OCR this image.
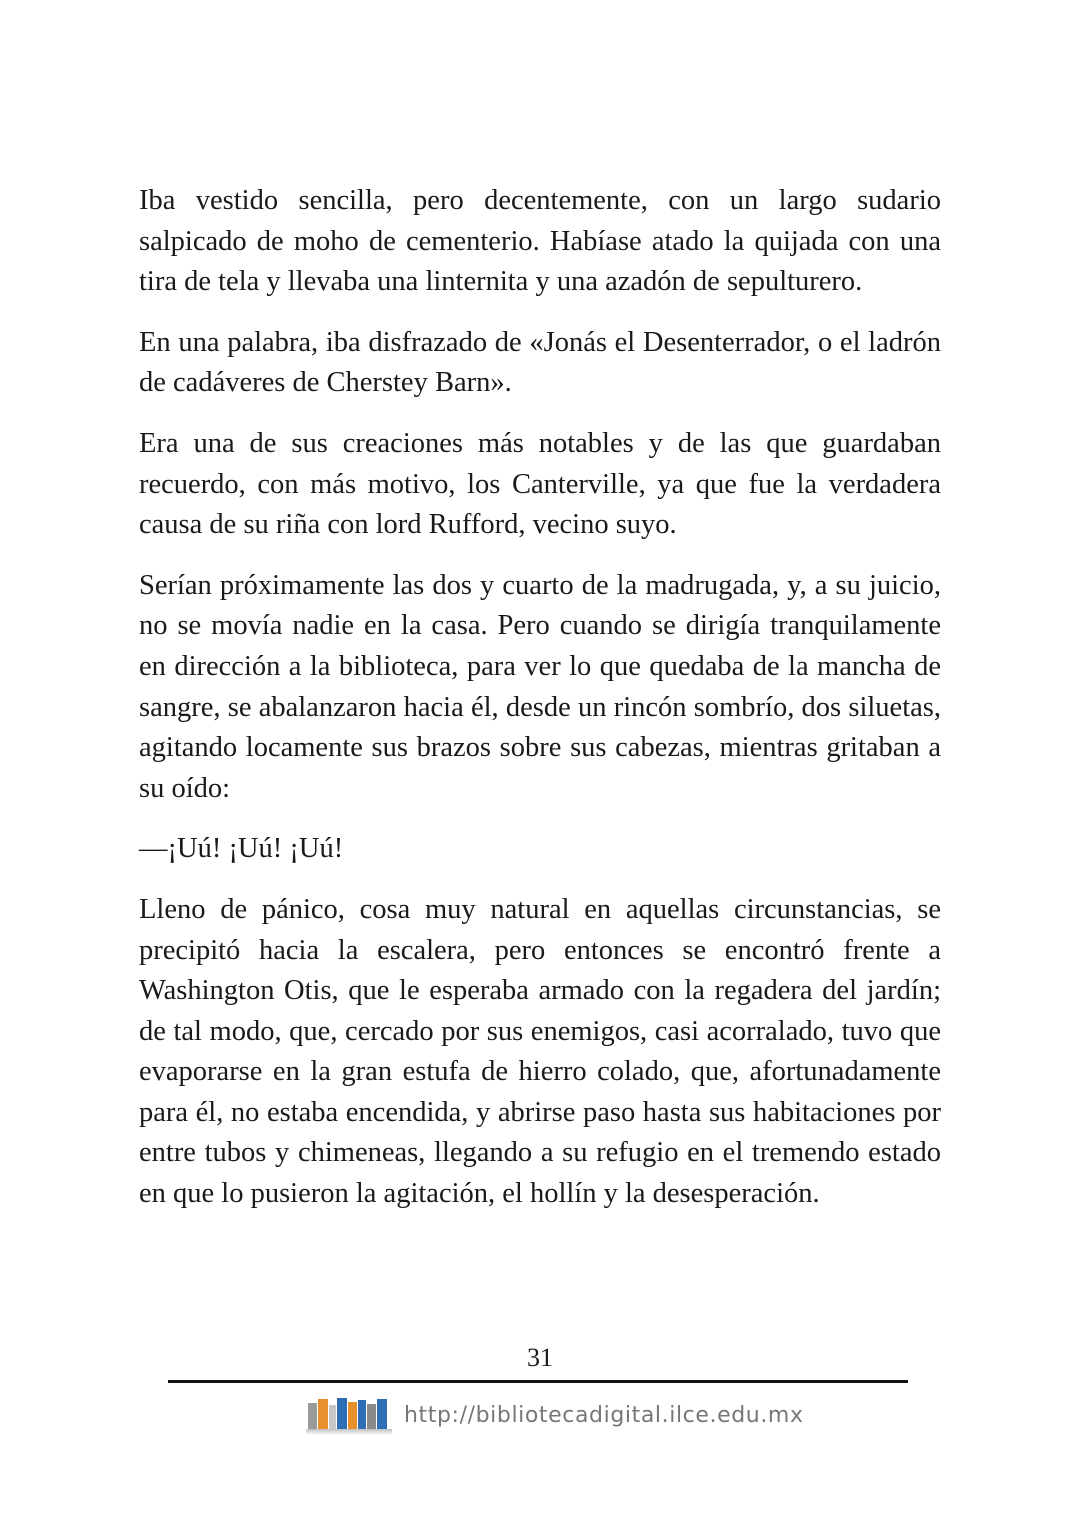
Iba vestido sencilla, pero decentemente, con un largo sudario salpicado de moho de cementerio. Habíase atado la quijada con una tira de tela y llevaba una linternita y una azadón de sepulturero.

En una palabra, iba disfrazado de «Jonás el Desenterrador, o el ladrón de cadáveres de Cherstey Barn».

Era una de sus creaciones más notables y de las que guardaban recuerdo, con más motivo, los Canterville, ya que fue la verdadera causa de su riña con lord Rufford, vecino suyo.

Serían próximamente las dos y cuarto de la madrugada, y, a su juicio, no se movía nadie en la casa. Pero cuando se dirigía tranquilamente en dirección a la biblioteca, para ver lo que quedaba de la mancha de sangre, se abalanzaron hacia él, desde un rincón sombrío, dos siluetas, agitando locamente sus brazos sobre sus cabezas, mientras gritaban a su oído:

—¡Uú! ¡Uú! ¡Uú!

Lleno de pánico, cosa muy natural en aquellas circunstancias, se precipitó hacia la escalera, pero entonces se encontró frente a Washington Otis, que le esperaba armado con la regadera del jardín; de tal modo, que, cercado por sus enemigos, casi acorralado, tuvo que evaporarse en la gran estufa de hierro colado, que, afortunadamente para él, no estaba encendida, y abrirse paso hasta sus habitaciones por entre tubos y chimeneas, llegando a su refugio en el tremendo estado en que lo pusieron la agitación, el hollín y la desesperación.

31
http://bibliotecadigital.ilce.edu.mx
